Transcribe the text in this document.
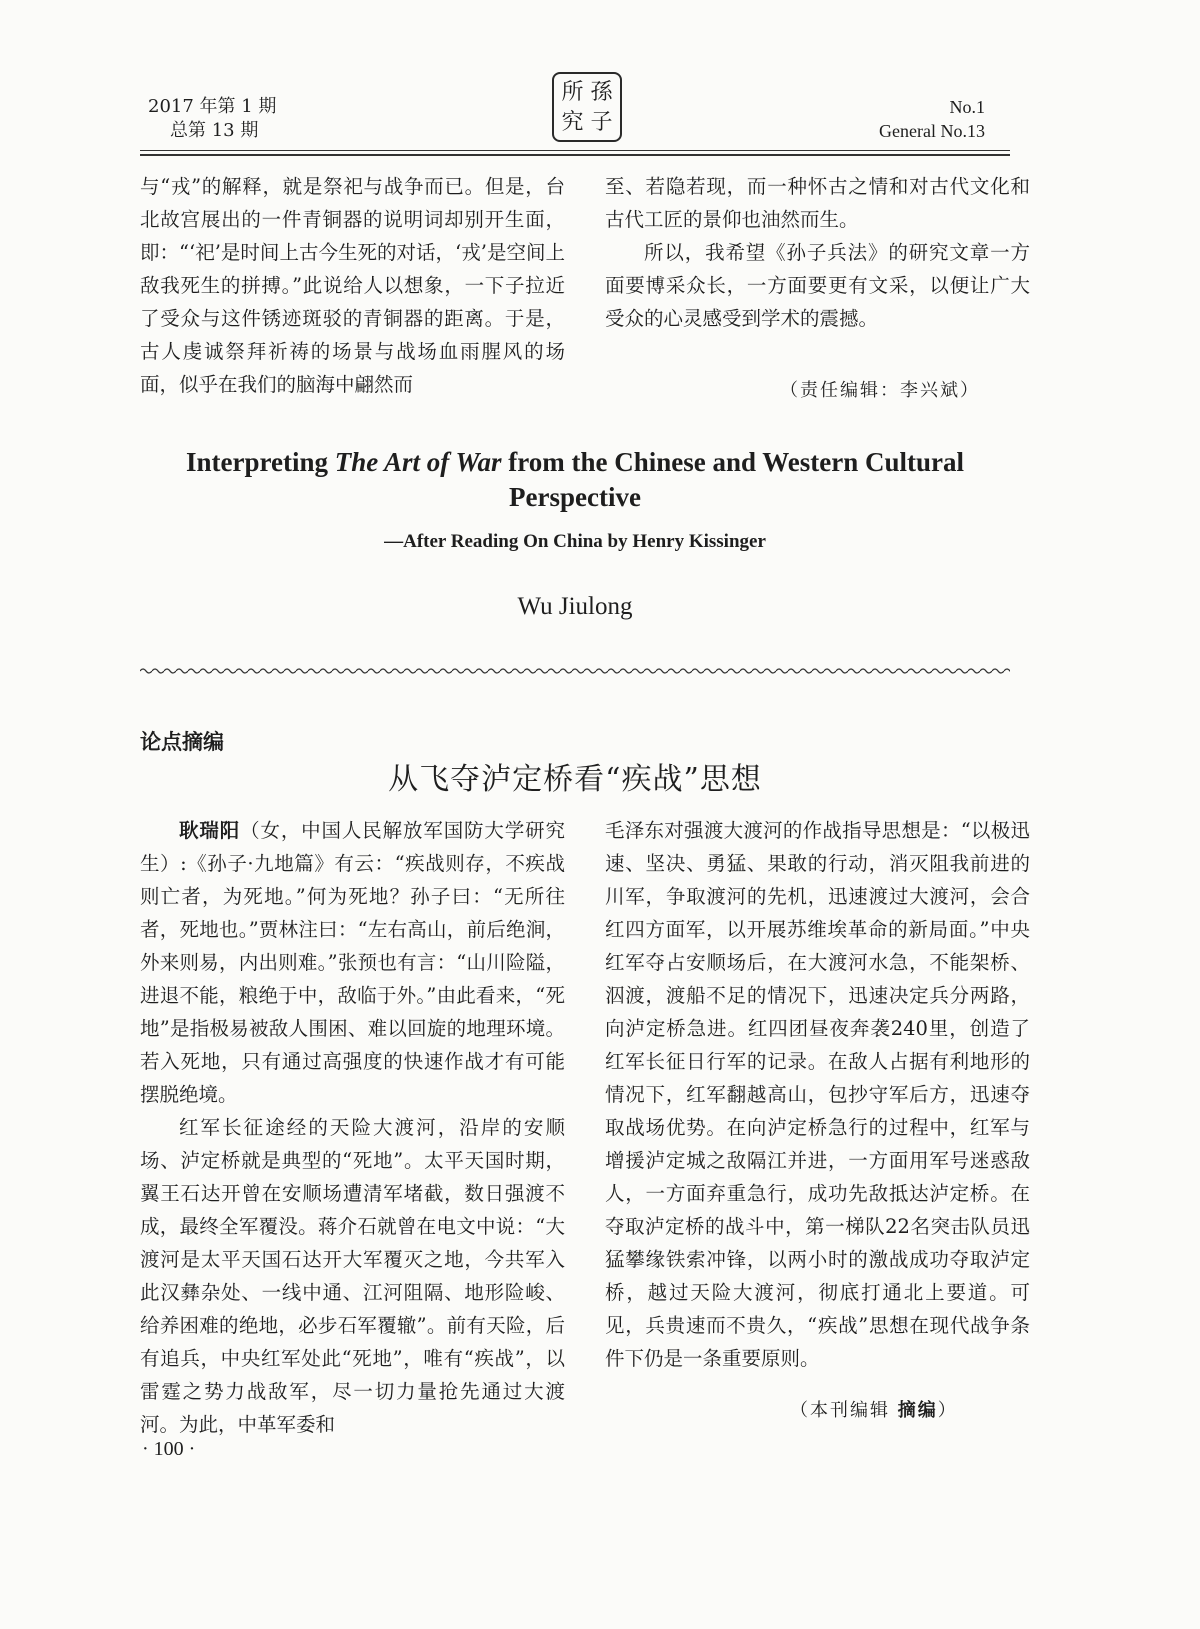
2017 年第 1 期
总第 13 期
所 孫
究 子
No.1
General No.13

与“戎”的解释，就是祭祀与战争而已。但是，台北故宫展出的一件青铜器的说明词却别开生面，即：“‘祀’是时间上古今生死的对话，‘戎’是空间上敌我死生的拼搏。”此说给人以想象，一下子拉近了受众与这件锈迹斑驳的青铜器的距离。于是，古人虔诚祭拜祈祷的场景与战场血雨腥风的场面，似乎在我们的脑海中翩然而

至、若隐若现，而一种怀古之情和对古代文化和古代工匠的景仰也油然而生。

所以，我希望《孙子兵法》的研究文章一方面要博采众长，一方面要更有文采，以便让广大受众的心灵感受到学术的震撼。

（责任编辑：李兴斌）
Interpreting The Art of War from the Chinese and Western Cultural
Perspective
—After Reading On China by Henry Kissinger
Wu Jiulong
论点摘编
从飞夺泸定桥看“疾战”思想

耿瑞阳（女，中国人民解放军国防大学研究生）:《孙子·九地篇》有云：“疾战则存，不疾战则亡者，为死地。”何为死地？孙子曰：“无所往者，死地也。”贾林注曰：“左右高山，前后绝涧，外来则易，内出则难。”张预也有言：“山川险隘，进退不能，粮绝于中，敌临于外。”由此看来，“死地”是指极易被敌人围困、难以回旋的地理环境。若入死地，只有通过高强度的快速作战才有可能摆脱绝境。

红军长征途经的天险大渡河，沿岸的安顺场、泸定桥就是典型的“死地”。太平天国时期，翼王石达开曾在安顺场遭清军堵截，数日强渡不成，最终全军覆没。蒋介石就曾在电文中说：“大渡河是太平天国石达开大军覆灭之地，今共军入此汉彝杂处、一线中通、江河阻隔、地形险峻、给养困难的绝地，必步石军覆辙”。前有天险，后有追兵，中央红军处此“死地”，唯有“疾战”，以雷霆之势力战敌军，尽一切力量抢先通过大渡河。为此，中革军委和

毛泽东对强渡大渡河的作战指导思想是：“以极迅速、坚决、勇猛、果敢的行动，消灭阻我前进的川军，争取渡河的先机，迅速渡过大渡河，会合红四方面军，以开展苏维埃革命的新局面。”中央红军夺占安顺场后，在大渡河水急，不能架桥、泅渡，渡船不足的情况下，迅速决定兵分两路，向泸定桥急进。红四团昼夜奔袭240里，创造了红军长征日行军的记录。在敌人占据有利地形的情况下，红军翻越高山，包抄守军后方，迅速夺取战场优势。在向泸定桥急行的过程中，红军与增援泸定城之敌隔江并进，一方面用军号迷惑敌人，一方面弃重急行，成功先敌抵达泸定桥。在夺取泸定桥的战斗中，第一梯队22名突击队员迅猛攀缘铁索冲锋，以两小时的激战成功夺取泸定桥，越过天险大渡河，彻底打通北上要道。可见，兵贵速而不贵久，“疾战”思想在现代战争条件下仍是一条重要原则。

（本刊编辑 摘编）
· 100 ·
